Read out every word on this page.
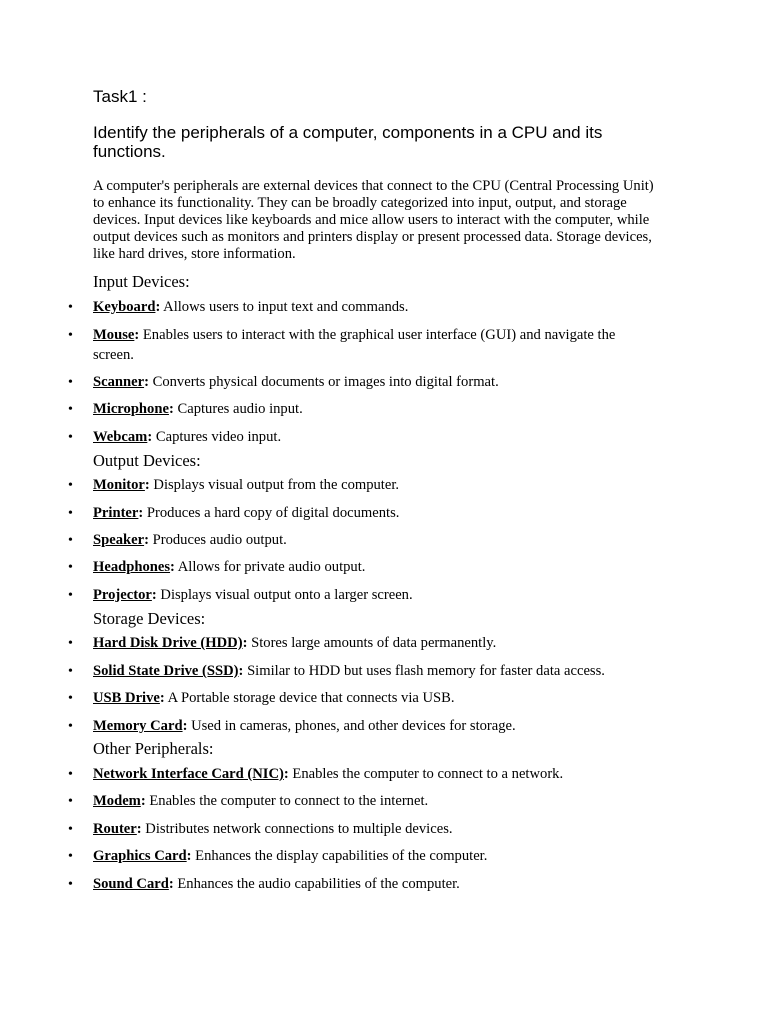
Task1 :

Identify the peripherals of a computer, components in a CPU and its functions.

A computer's peripherals are external devices that connect to the CPU (Central Processing Unit) to enhance its functionality. They can be broadly categorized into input, output, and storage devices. Input devices like keyboards and mice allow users to interact with the computer, while output devices such as monitors and printers display or present processed data. Storage devices, like hard drives, store information.

Input Devices:

• Keyboard: Allows users to input text and commands.
• Mouse: Enables users to interact with the graphical user interface (GUI) and navigate the screen.
• Scanner: Converts physical documents or images into digital format.
• Microphone: Captures audio input.
• Webcam: Captures video input.

Output Devices:

• Monitor: Displays visual output from the computer.
• Printer: Produces a hard copy of digital documents.
• Speaker: Produces audio output.
• Headphones: Allows for private audio output.
• Projector: Displays visual output onto a larger screen.

Storage Devices:

• Hard Disk Drive (HDD): Stores large amounts of data permanently.
• Solid State Drive (SSD): Similar to HDD but uses flash memory for faster data access.
• USB Drive: A Portable storage device that connects via USB.
• Memory Card: Used in cameras, phones, and other devices for storage.

Other Peripherals:

• Network Interface Card (NIC): Enables the computer to connect to a network.
• Modem: Enables the computer to connect to the internet.
• Router: Distributes network connections to multiple devices.
• Graphics Card: Enhances the display capabilities of the computer.
• Sound Card: Enhances the audio capabilities of the computer.
